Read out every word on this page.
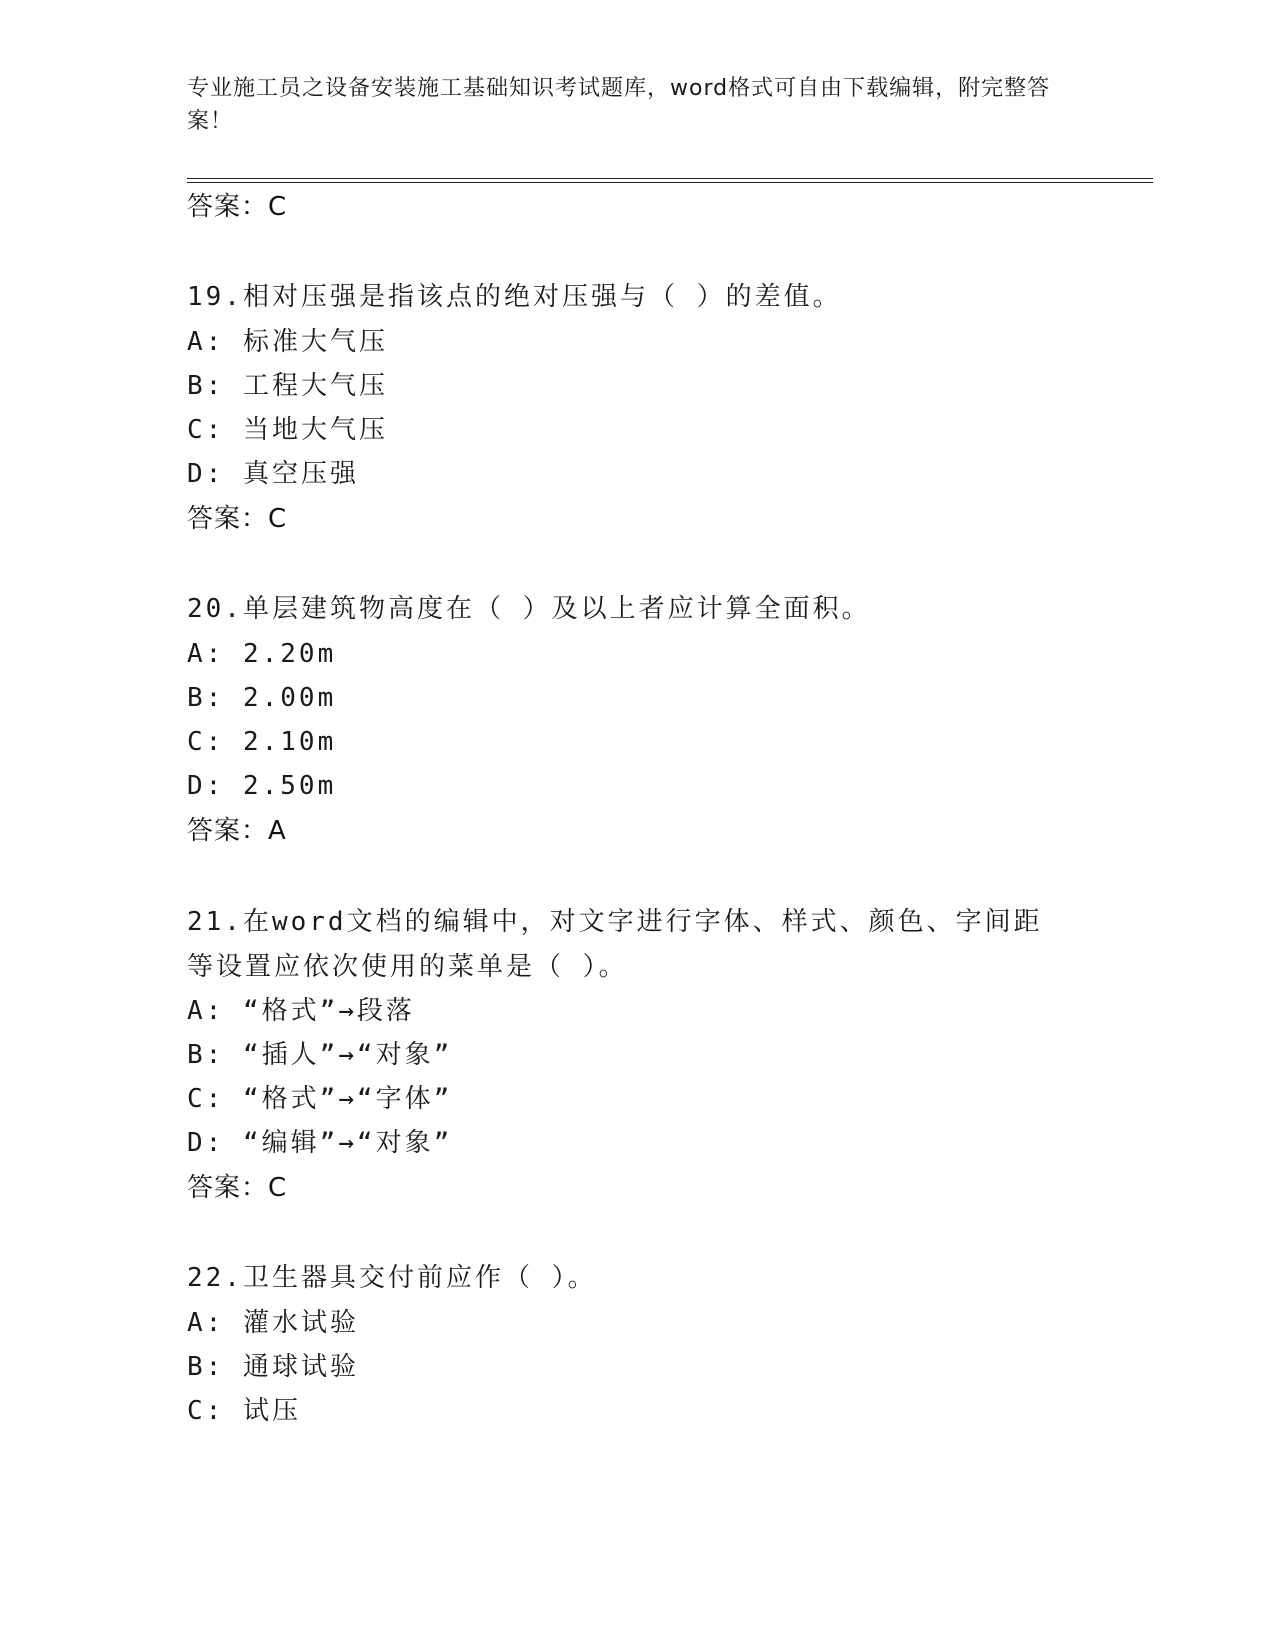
专业施工员之设备安装施工基础知识考试题库，word格式可自由下载编辑，附完整答案！
答案：C
19.相对压强是指该点的绝对压强与（ ）的差值。
A: 标准大气压
B: 工程大气压
C: 当地大气压
D: 真空压强
答案：C
20.单层建筑物高度在（ ）及以上者应计算全面积。
A: 2.20m
B: 2.00m
C: 2.10m
D: 2.50m
答案：A
21.在word文档的编辑中，对文字进行字体、样式、颜色、字间距等设置应依次使用的菜单是（ ）。
A: “格式”→段落
B: “插人”→“对象”
C: “格式”→“字体”
D: “编辑”→“对象”
答案：C
22.卫生器具交付前应作（ ）。
A: 灌水试验
B: 通球试验
C: 试压
